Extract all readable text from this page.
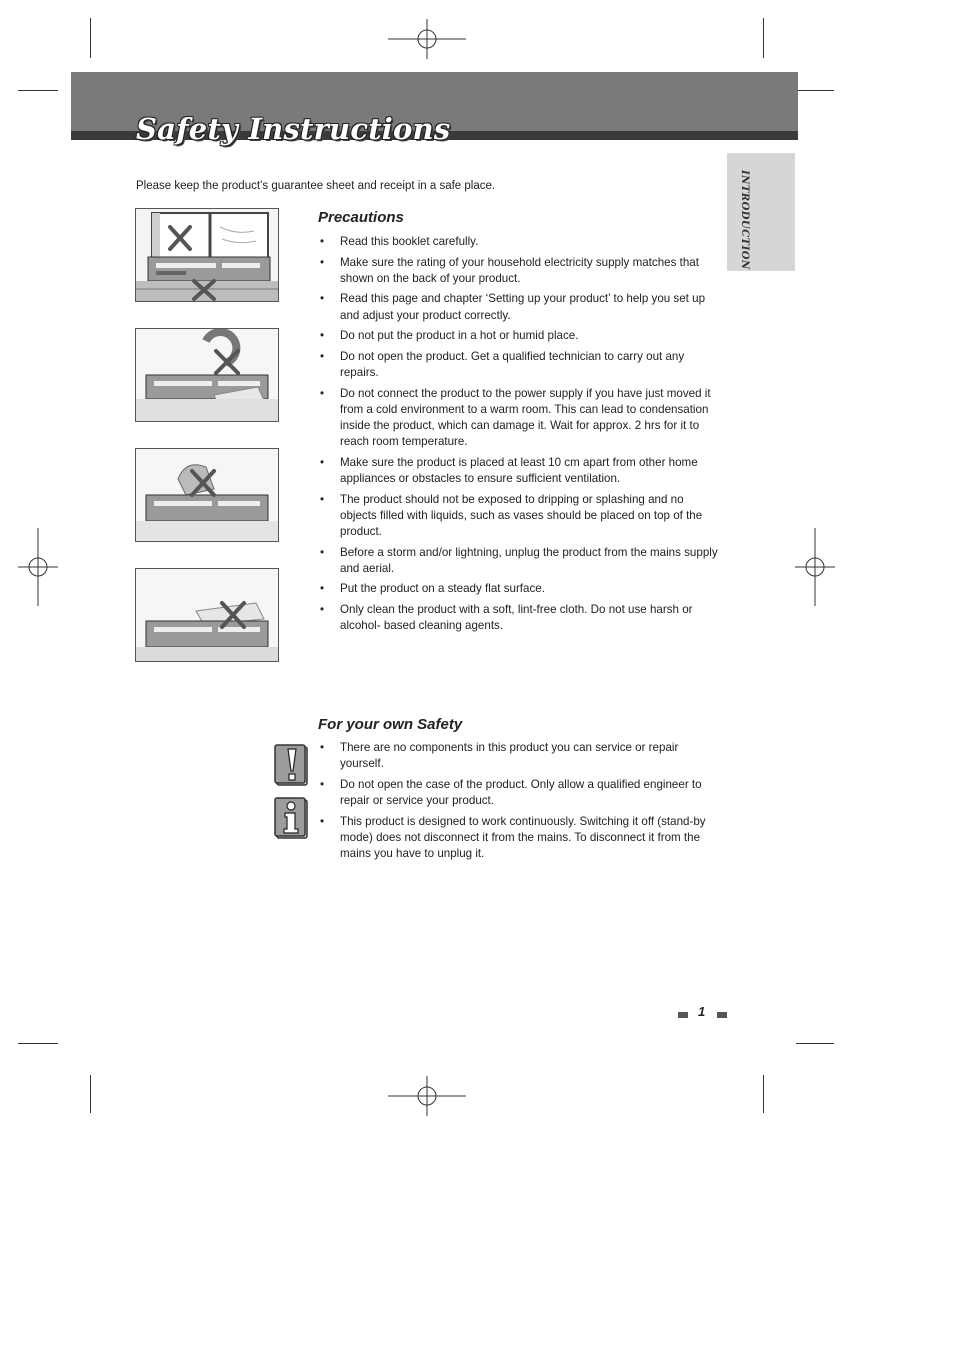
Safety Instructions
INTRODUCTION
Please keep the product’s guarantee sheet and receipt in a safe place.
Precautions
• Read this booklet carefully.
• Make sure the rating of your household electricity supply matches that shown on the back of your product.
• Read this page and chapter ‘Setting up your product’ to help you set up and adjust your product correctly.
• Do not put the product in a hot or humid place.
• Do not open the product. Get a qualified technician to carry out any repairs.
• Do not connect the product to the power supply if you have just moved it from a cold environment to a warm room. This can lead to condensation inside the product, which can damage it. Wait for approx. 2 hrs for it to reach room temperature.
• Make sure the product is placed at least 10 cm apart from other home appliances or obstacles to ensure sufficient ventilation.
• The product should not be exposed to dripping or splashing and no objects filled with liquids, such as vases should be placed on top of the product.
• Before a storm and/or lightning, unplug the product from the mains supply and aerial.
• Put the product on a steady flat surface.
• Only clean the product with a soft, lint-free cloth. Do not use harsh or alcohol- based cleaning agents.
For your own Safety
• There are no components in this product you can service or repair yourself.
• Do not open the case of the product. Only allow a qualified engineer to repair or service your product.
• This product is designed to work continuously. Switching it off (stand-by mode) does not disconnect it from the mains. To disconnect it from the mains you have to unplug it.
1
